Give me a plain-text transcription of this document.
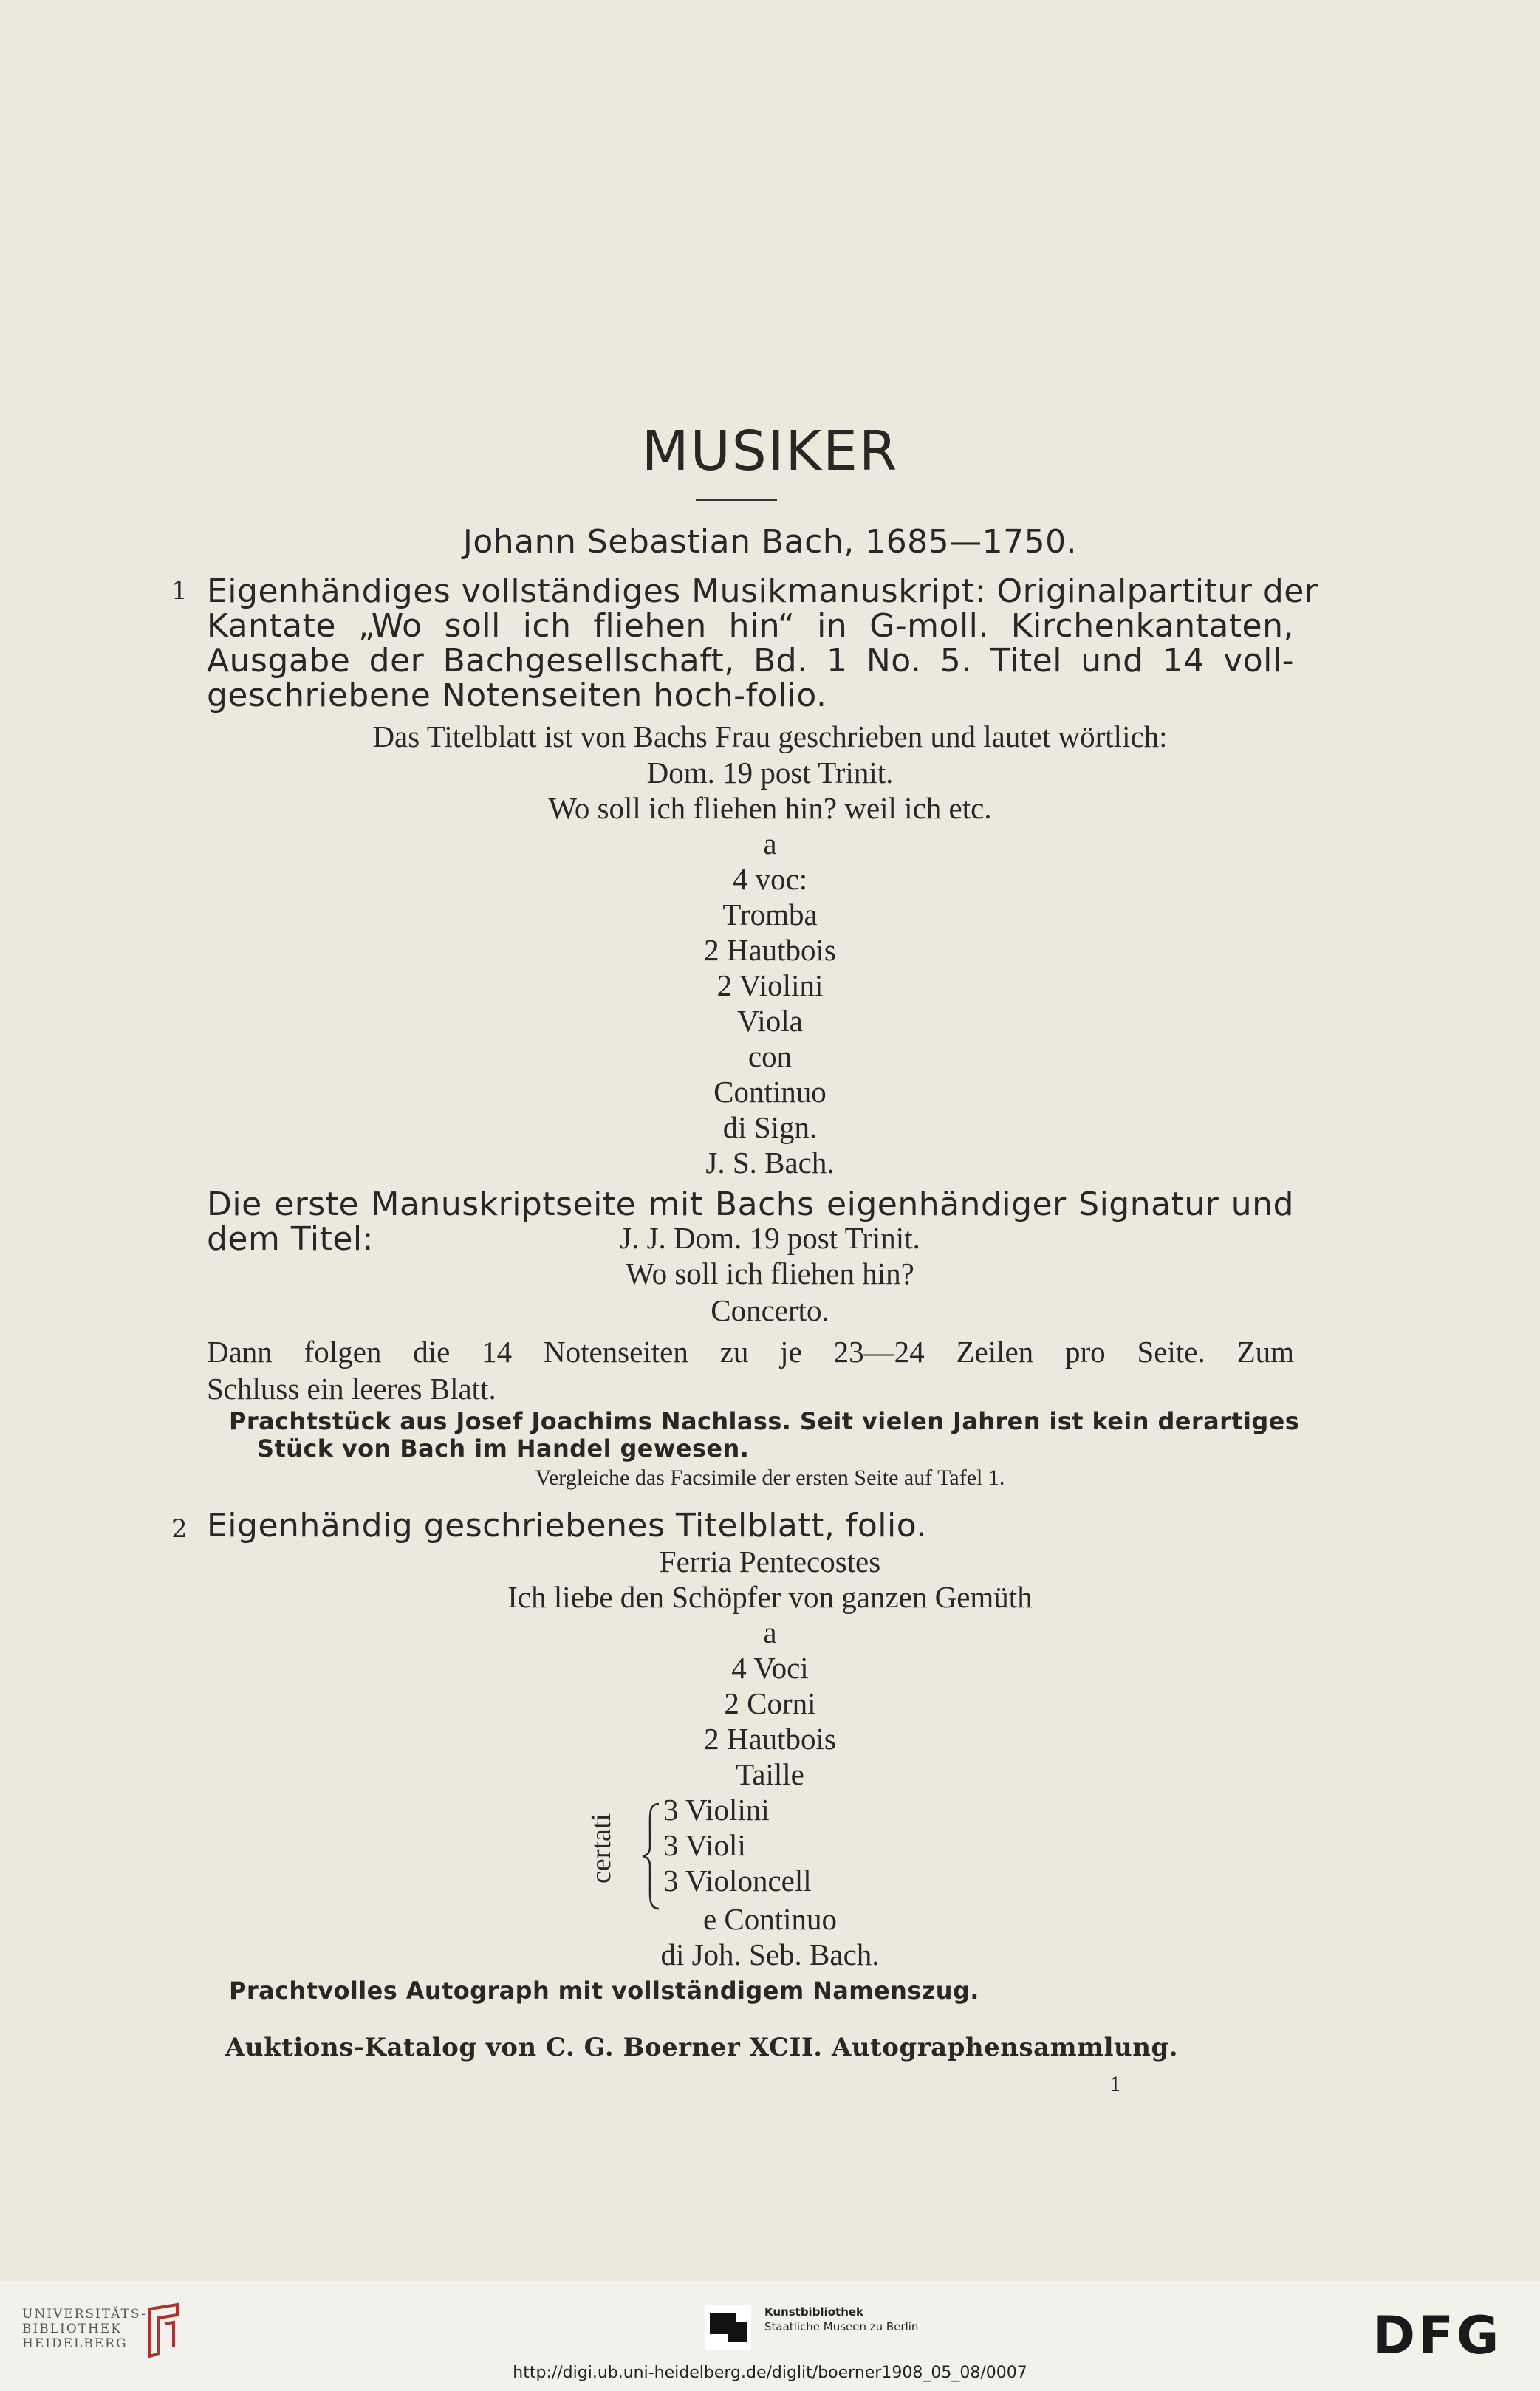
MUSIKER
Johann Sebastian Bach, 1685—1750.
1 Eigenhändiges vollständiges Musikmanuskript: Originalpartitur der
Kantate „Wo soll ich fliehen hin“ in G-moll. Kirchenkantaten,
Ausgabe der Bachgesellschaft, Bd. 1 No. 5. Titel und 14 voll-
geschriebene Notenseiten hoch-folio.
Das Titelblatt ist von Bachs Frau geschrieben und lautet wörtlich:
Dom. 19 post Trinit.
Wo soll ich fliehen hin? weil ich etc.
a
4 voc:
Tromba
2 Hautbois
2 Violini
Viola
con
Continuo
di Sign.
J. S. Bach.
Die erste Manuskriptseite mit Bachs eigenhändiger Signatur und
dem Titel:	J. J. Dom. 19 post Trinit.
Wo soll ich fliehen hin?
Concerto.
Dann folgen die 14 Notenseiten zu je 23—24 Zeilen pro Seite. Zum
Schluss ein leeres Blatt.
Prachtstück aus Josef Joachims Nachlass. Seit vielen Jahren ist kein derartiges
Stück von Bach im Handel gewesen.
Vergleiche das Facsimile der ersten Seite auf Tafel 1.
2 Eigenhändig geschriebenes Titelblatt, folio.
Ferria Pentecostes
Ich liebe den Schöpfer von ganzen Gemüth
a
4 Voci
2 Corni
2 Hautbois
Taille
certati
3 Violini
3 Violi
3 Violoncell
e Continuo
di Joh. Seb. Bach.
Prachtvolles Autograph mit vollständigem Namenszug.
Auktions-Katalog von C. G. Boerner XCII. Autographensammlung.
1
UNIVERSITÄTS-
BIBLIOTHEK
HEIDELBERG
Kunstbibliothek
Staatliche Museen zu Berlin	DFG
http://digi.ub.uni-heidelberg.de/diglit/boerner1908_05_08/0007
